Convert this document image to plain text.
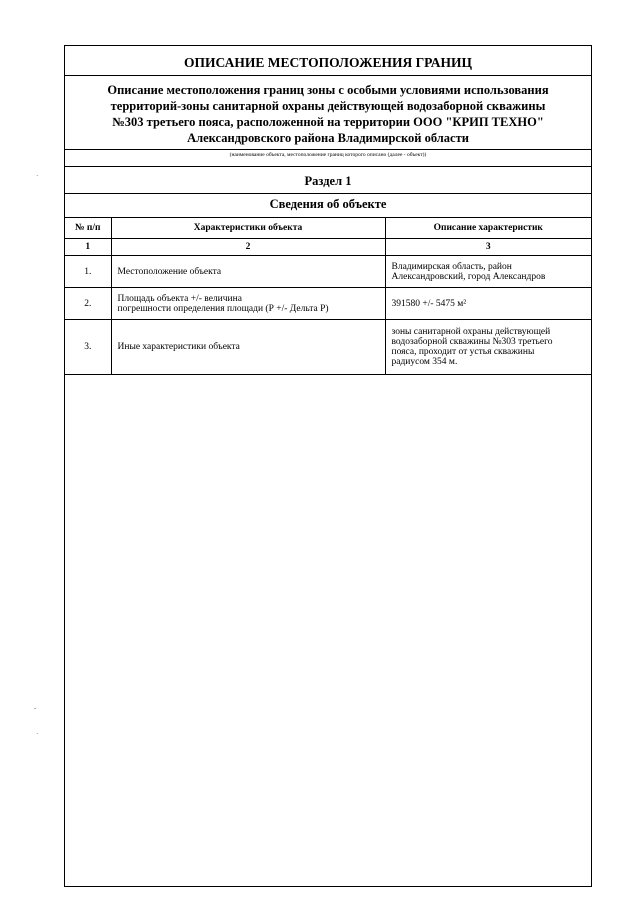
ОПИСАНИЕ МЕСТОПОЛОЖЕНИЯ ГРАНИЦ
Описание местоположения границ зоны с особыми условиями использования
территорий-зоны санитарной охраны действующей водозаборной скважины
№303 третьего пояса, расположенной на территории ООО "КРИП ТЕХНО"
Александровского района Владимирской области
(наименование объекта, местоположение границ которого описано (далее - объект))
Раздел 1
Сведения об объекте
№ п/п	Характеристики объекта	Описание характеристик
1	2	3
1.	Местоположение объекта	Владимирская область, район
Александровский, город Александров

2.	Площадь объекта +/- величина
погрешности определения площади (Р +/- Дельта Р)	391580 +/- 5475 м²

3.	Иные характеристики объекта	зоны санитарной охраны действующей
водозаборной скважины №303 третьего
пояса, проходит от устья скважины
радиусом 354 м.
·
-
·
